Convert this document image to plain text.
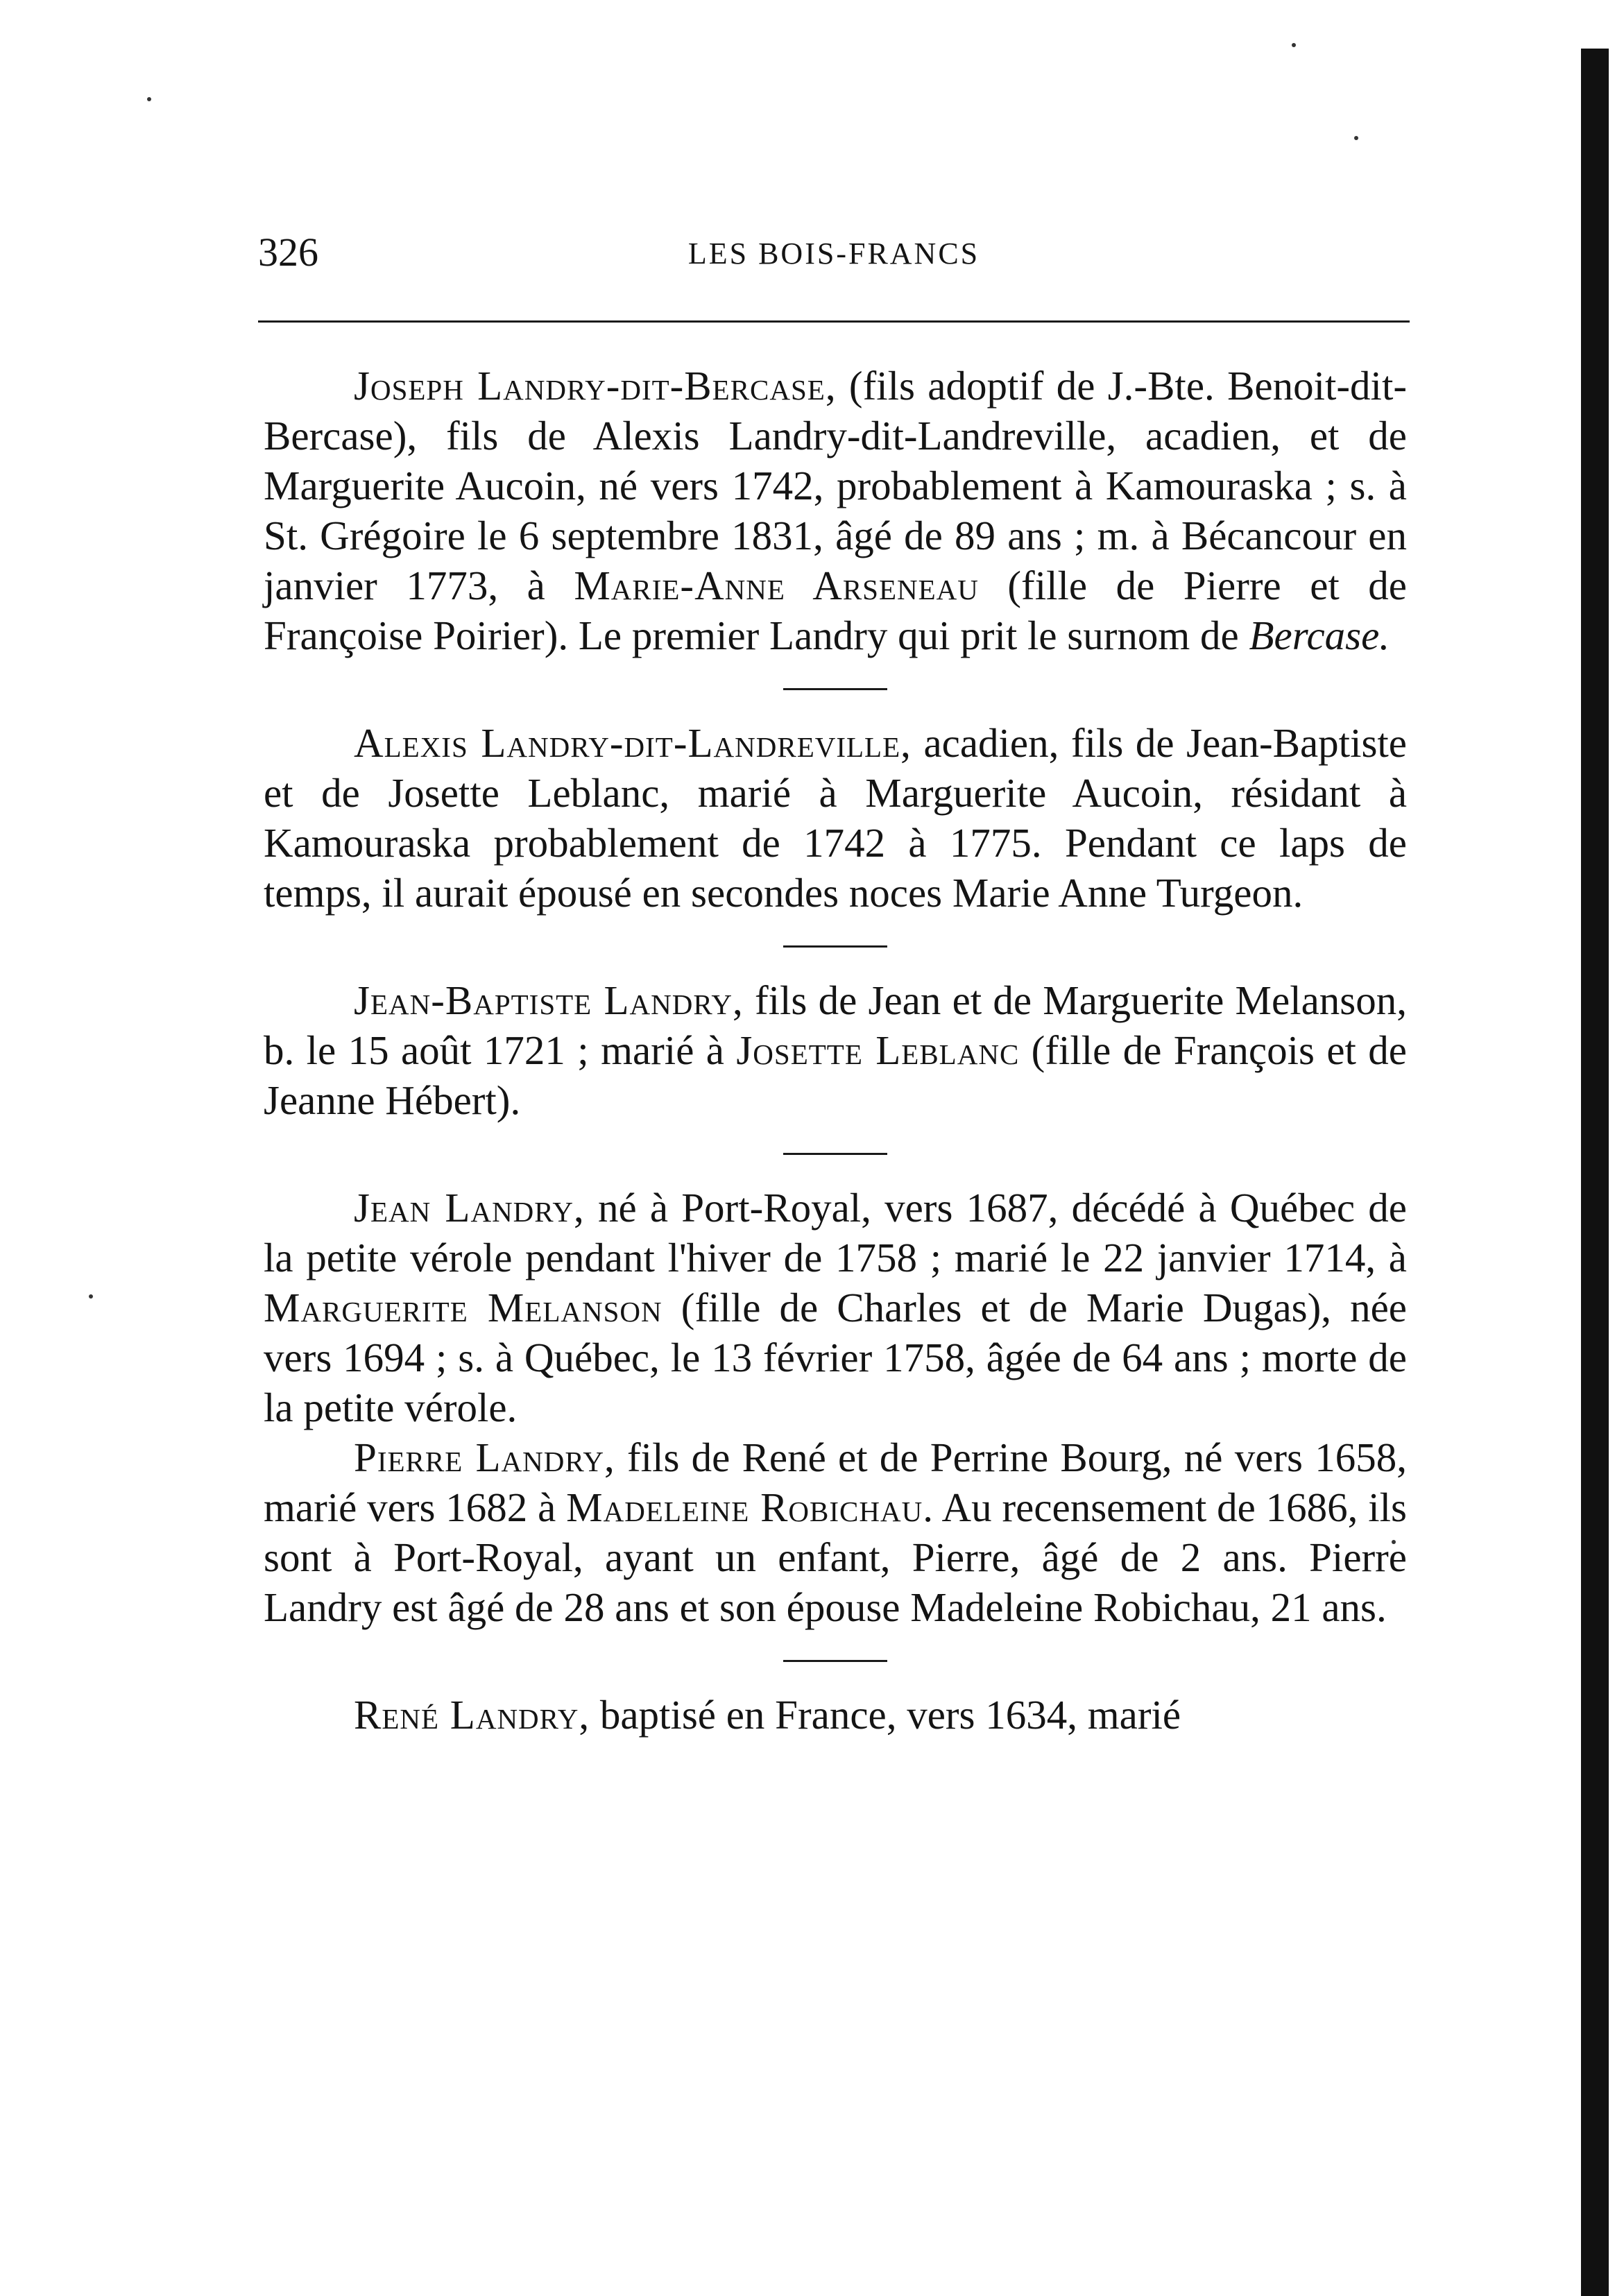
326	LES BOIS-FRANCS

Joseph Landry-dit-Bercase, (fils adoptif de J.-Bte. Benoit-dit-Bercase), fils de Alexis Landry-dit-Landreville, acadien, et de Marguerite Aucoin, né vers 1742, probablement à Kamouraska ; s. à St. Grégoire le 6 septembre 1831, âgé de 89 ans ; m. à Bécancour en janvier 1773, à Marie-Anne Arseneau (fille de Pierre et de Françoise Poirier). Le premier Landry qui prit le surnom de Bercase.

Alexis Landry-dit-Landreville, acadien, fils de Jean-Baptiste et de Josette Leblanc, marié à Marguerite Aucoin, résidant à Kamouraska probablement de 1742 à 1775. Pendant ce laps de temps, il aurait épousé en secondes noces Marie Anne Turgeon.

Jean-Baptiste Landry, fils de Jean et de Marguerite Melanson, b. le 15 août 1721 ; marié à Josette Leblanc (fille de François et de Jeanne Hébert).

Jean Landry, né à Port-Royal, vers 1687, décédé à Québec de la petite vérole pendant l'hiver de 1758 ; marié le 22 janvier 1714, à Marguerite Melanson (fille de Charles et de Marie Dugas), née vers 1694 ; s. à Québec, le 13 février 1758, âgée de 64 ans ; morte de la petite vérole.

Pierre Landry, fils de René et de Perrine Bourg, né vers 1658, marié vers 1682 à Madeleine Robichau. Au recensement de 1686, ils sont à Port-Royal, ayant un enfant, Pierre, âgé de 2 ans. Pierre Landry est âgé de 28 ans et son épouse Madeleine Robichau, 21 ans.

René Landry, baptisé en France, vers 1634, marié
